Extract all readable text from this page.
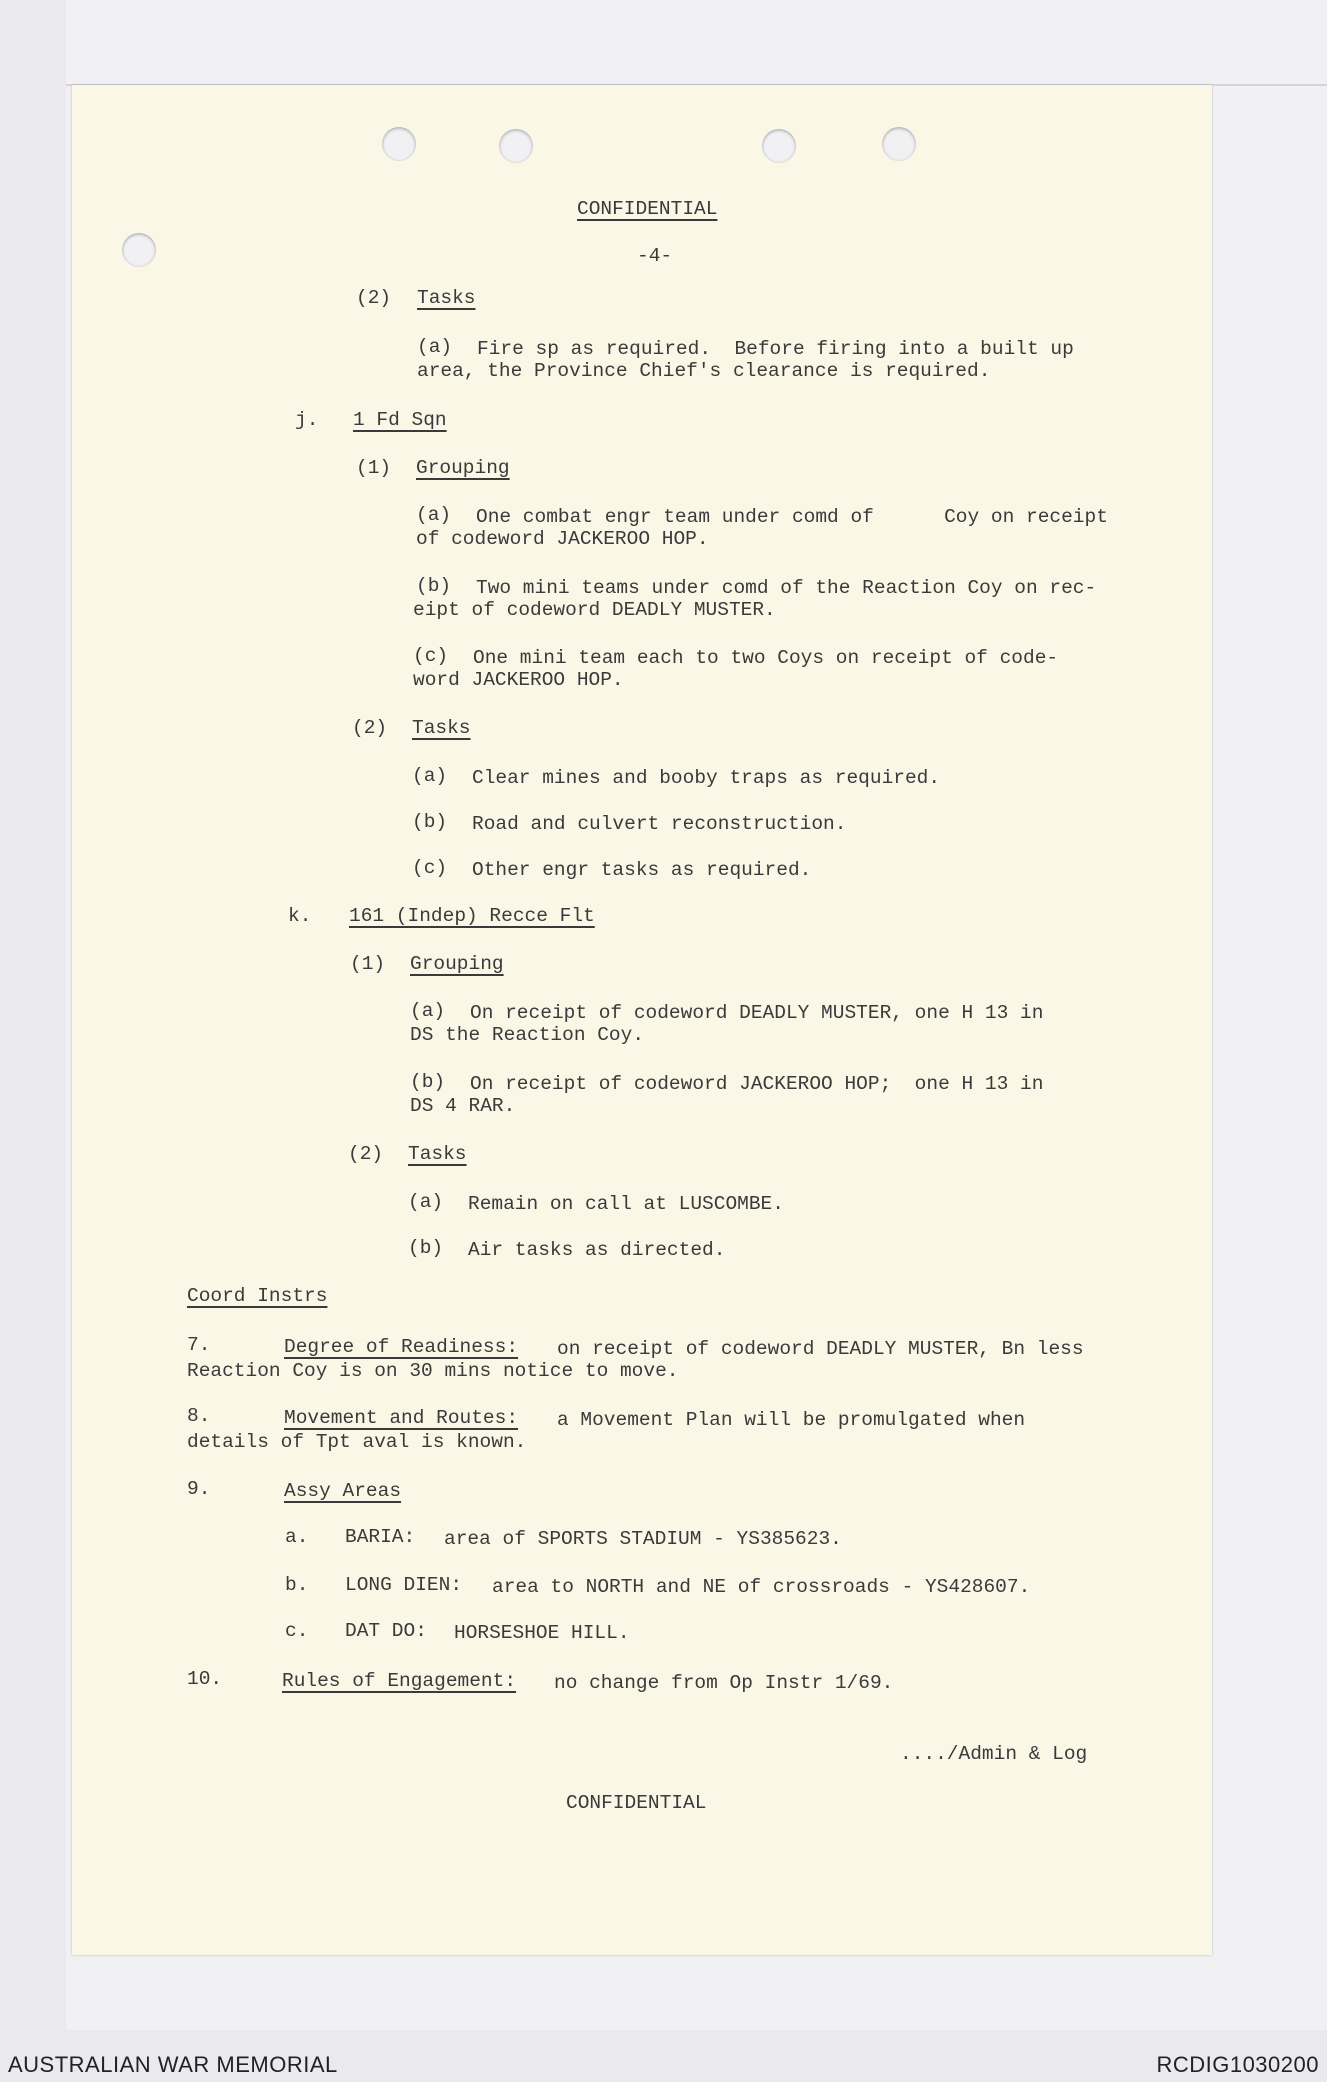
CONFIDENTIAL

-4-

(2) Tasks

(a) Fire sp as required.  Before firing into a built up

area, the Province Chief's clearance is required.

j. 1 Fd Sqn

(1) Grouping

(a) One combat engr team under comd of      Coy on receipt

of codeword JACKEROO HOP.

(b) Two mini teams under comd of the Reaction Coy on rec-

eipt of codeword DEADLY MUSTER.

(c) One mini team each to two Coys on receipt of code-

word JACKEROO HOP.

(2) Tasks

(a) Clear mines and booby traps as required.

(b) Road and culvert reconstruction.

(c) Other engr tasks as required.

k. 161 (Indep) Recce Flt

(1) Grouping

(a) On receipt of codeword DEADLY MUSTER, one H 13 in

DS the Reaction Coy.

(b) On receipt of codeword JACKEROO HOP;  one H 13 in

DS 4 RAR.

(2) Tasks

(a) Remain on call at LUSCOMBE.

(b) Air tasks as directed.

Coord Instrs

7.	Degree of Readiness: on receipt of codeword DEADLY MUSTER, Bn less

Reaction Coy is on 30 mins notice to move.

8.	Movement and Routes: a Movement Plan will be promulgated when

details of Tpt aval is known.

9.	Assy Areas

a. BARIA: area of SPORTS STADIUM - YS385623.

b. LONG DIEN: area to NORTH and NE of crossroads - YS428607.

c. DAT DO: HORSESHOE HILL.

10.	Rules of Engagement: no change from Op Instr 1/69.

..../Admin & Log

CONFIDENTIAL

AUSTRALIAN WAR MEMORIAL	RCDIG1030200
